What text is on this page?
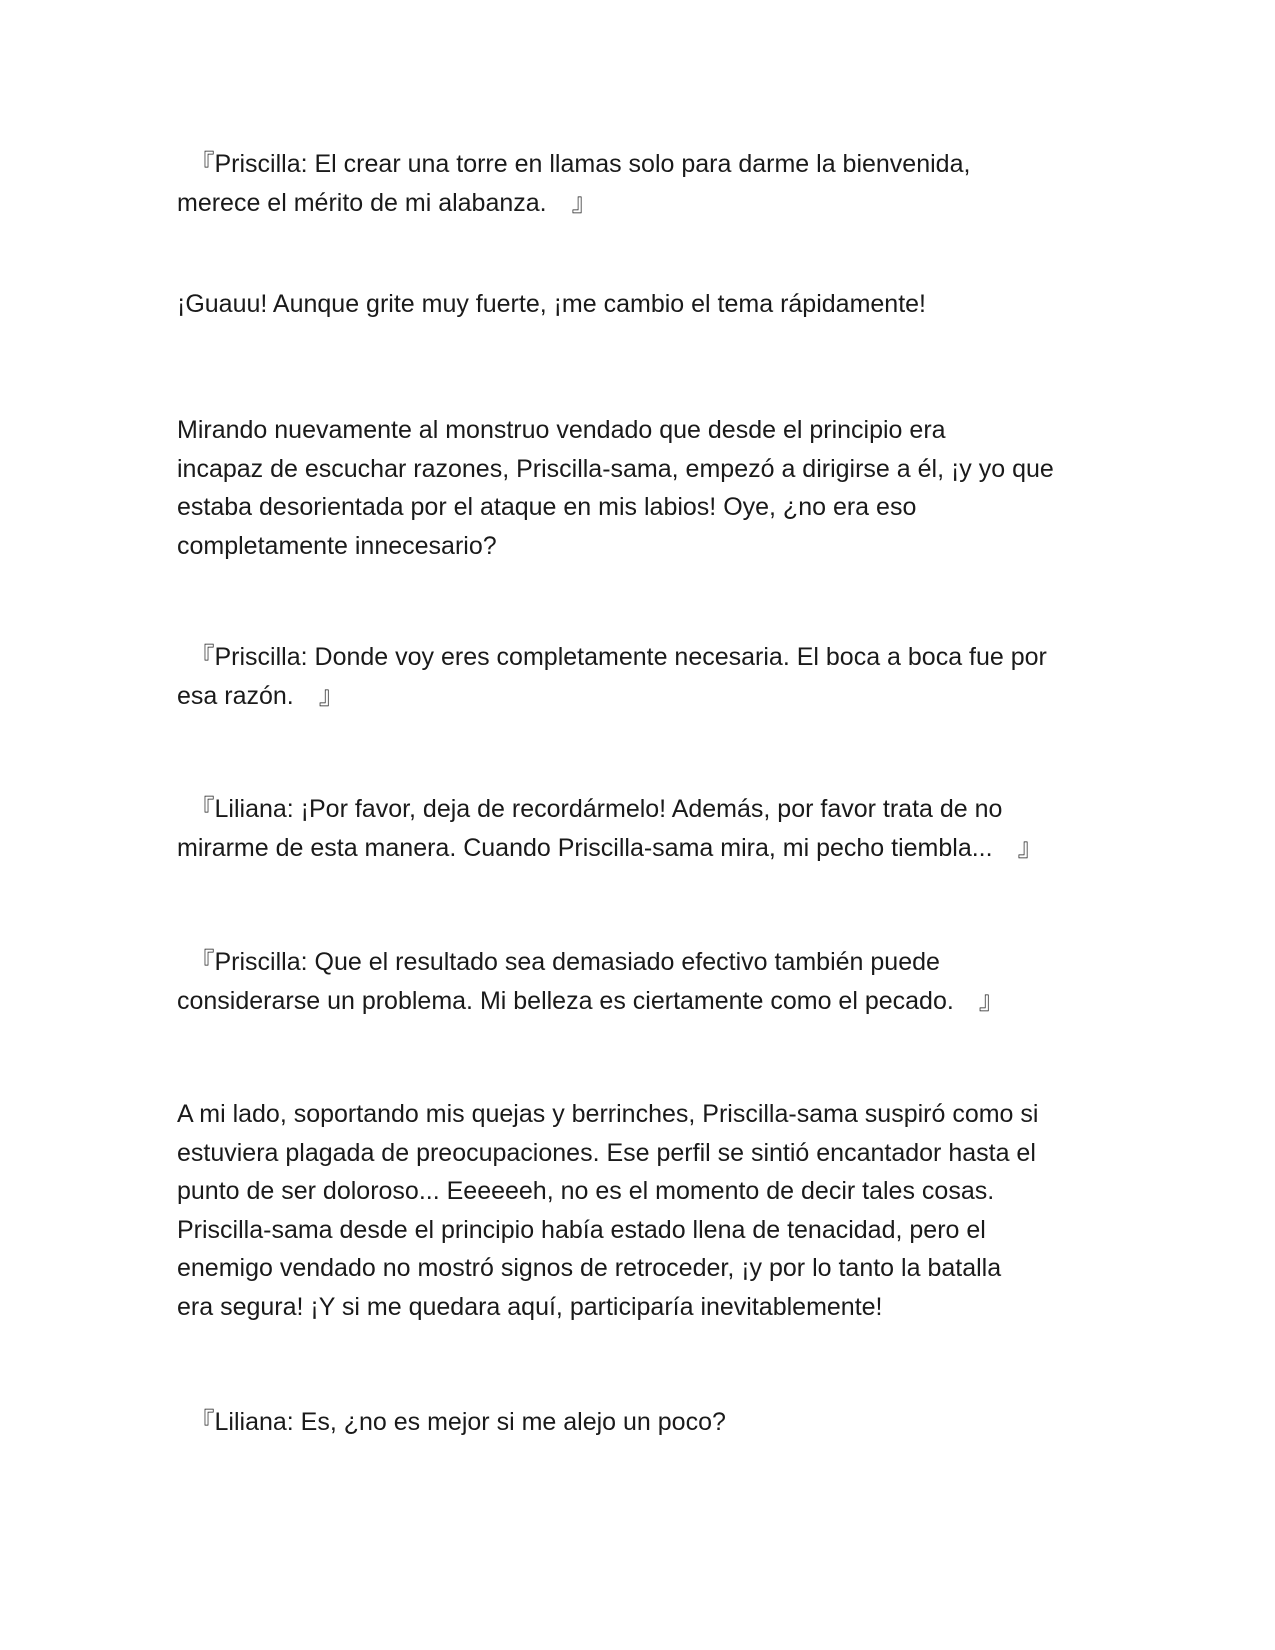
　『Priscilla: El crear una torre en llamas solo para darme la bienvenida,
merece el mérito de mi alabanza.　』

¡Guauu! Aunque grite muy fuerte, ¡me cambio el tema rápidamente!

Mirando nuevamente al monstruo vendado que desde el principio era
incapaz de escuchar razones, Priscilla-sama, empezó a dirigirse a él, ¡y yo que
estaba desorientada por el ataque en mis labios! Oye, ¿no era eso
completamente innecesario?

　『Priscilla: Donde voy eres completamente necesaria. El boca a boca fue por
esa razón.　』

　『Liliana: ¡Por favor, deja de recordármelo! Además, por favor trata de no
mirarme de esta manera. Cuando Priscilla-sama mira, mi pecho tiembla...　』

　『Priscilla: Que el resultado sea demasiado efectivo también puede
considerarse un problema. Mi belleza es ciertamente como el pecado.　』

A mi lado, soportando mis quejas y berrinches, Priscilla-sama suspiró como si
estuviera plagada de preocupaciones. Ese perfil se sintió encantador hasta el
punto de ser doloroso... Eeeeeeh, no es el momento de decir tales cosas.
Priscilla-sama desde el principio había estado llena de tenacidad, pero el
enemigo vendado no mostró signos de retroceder, ¡y por lo tanto la batalla
era segura! ¡Y si me quedara aquí, participaría inevitablemente!

　『Liliana: Es, ¿no es mejor si me alejo un poco?
